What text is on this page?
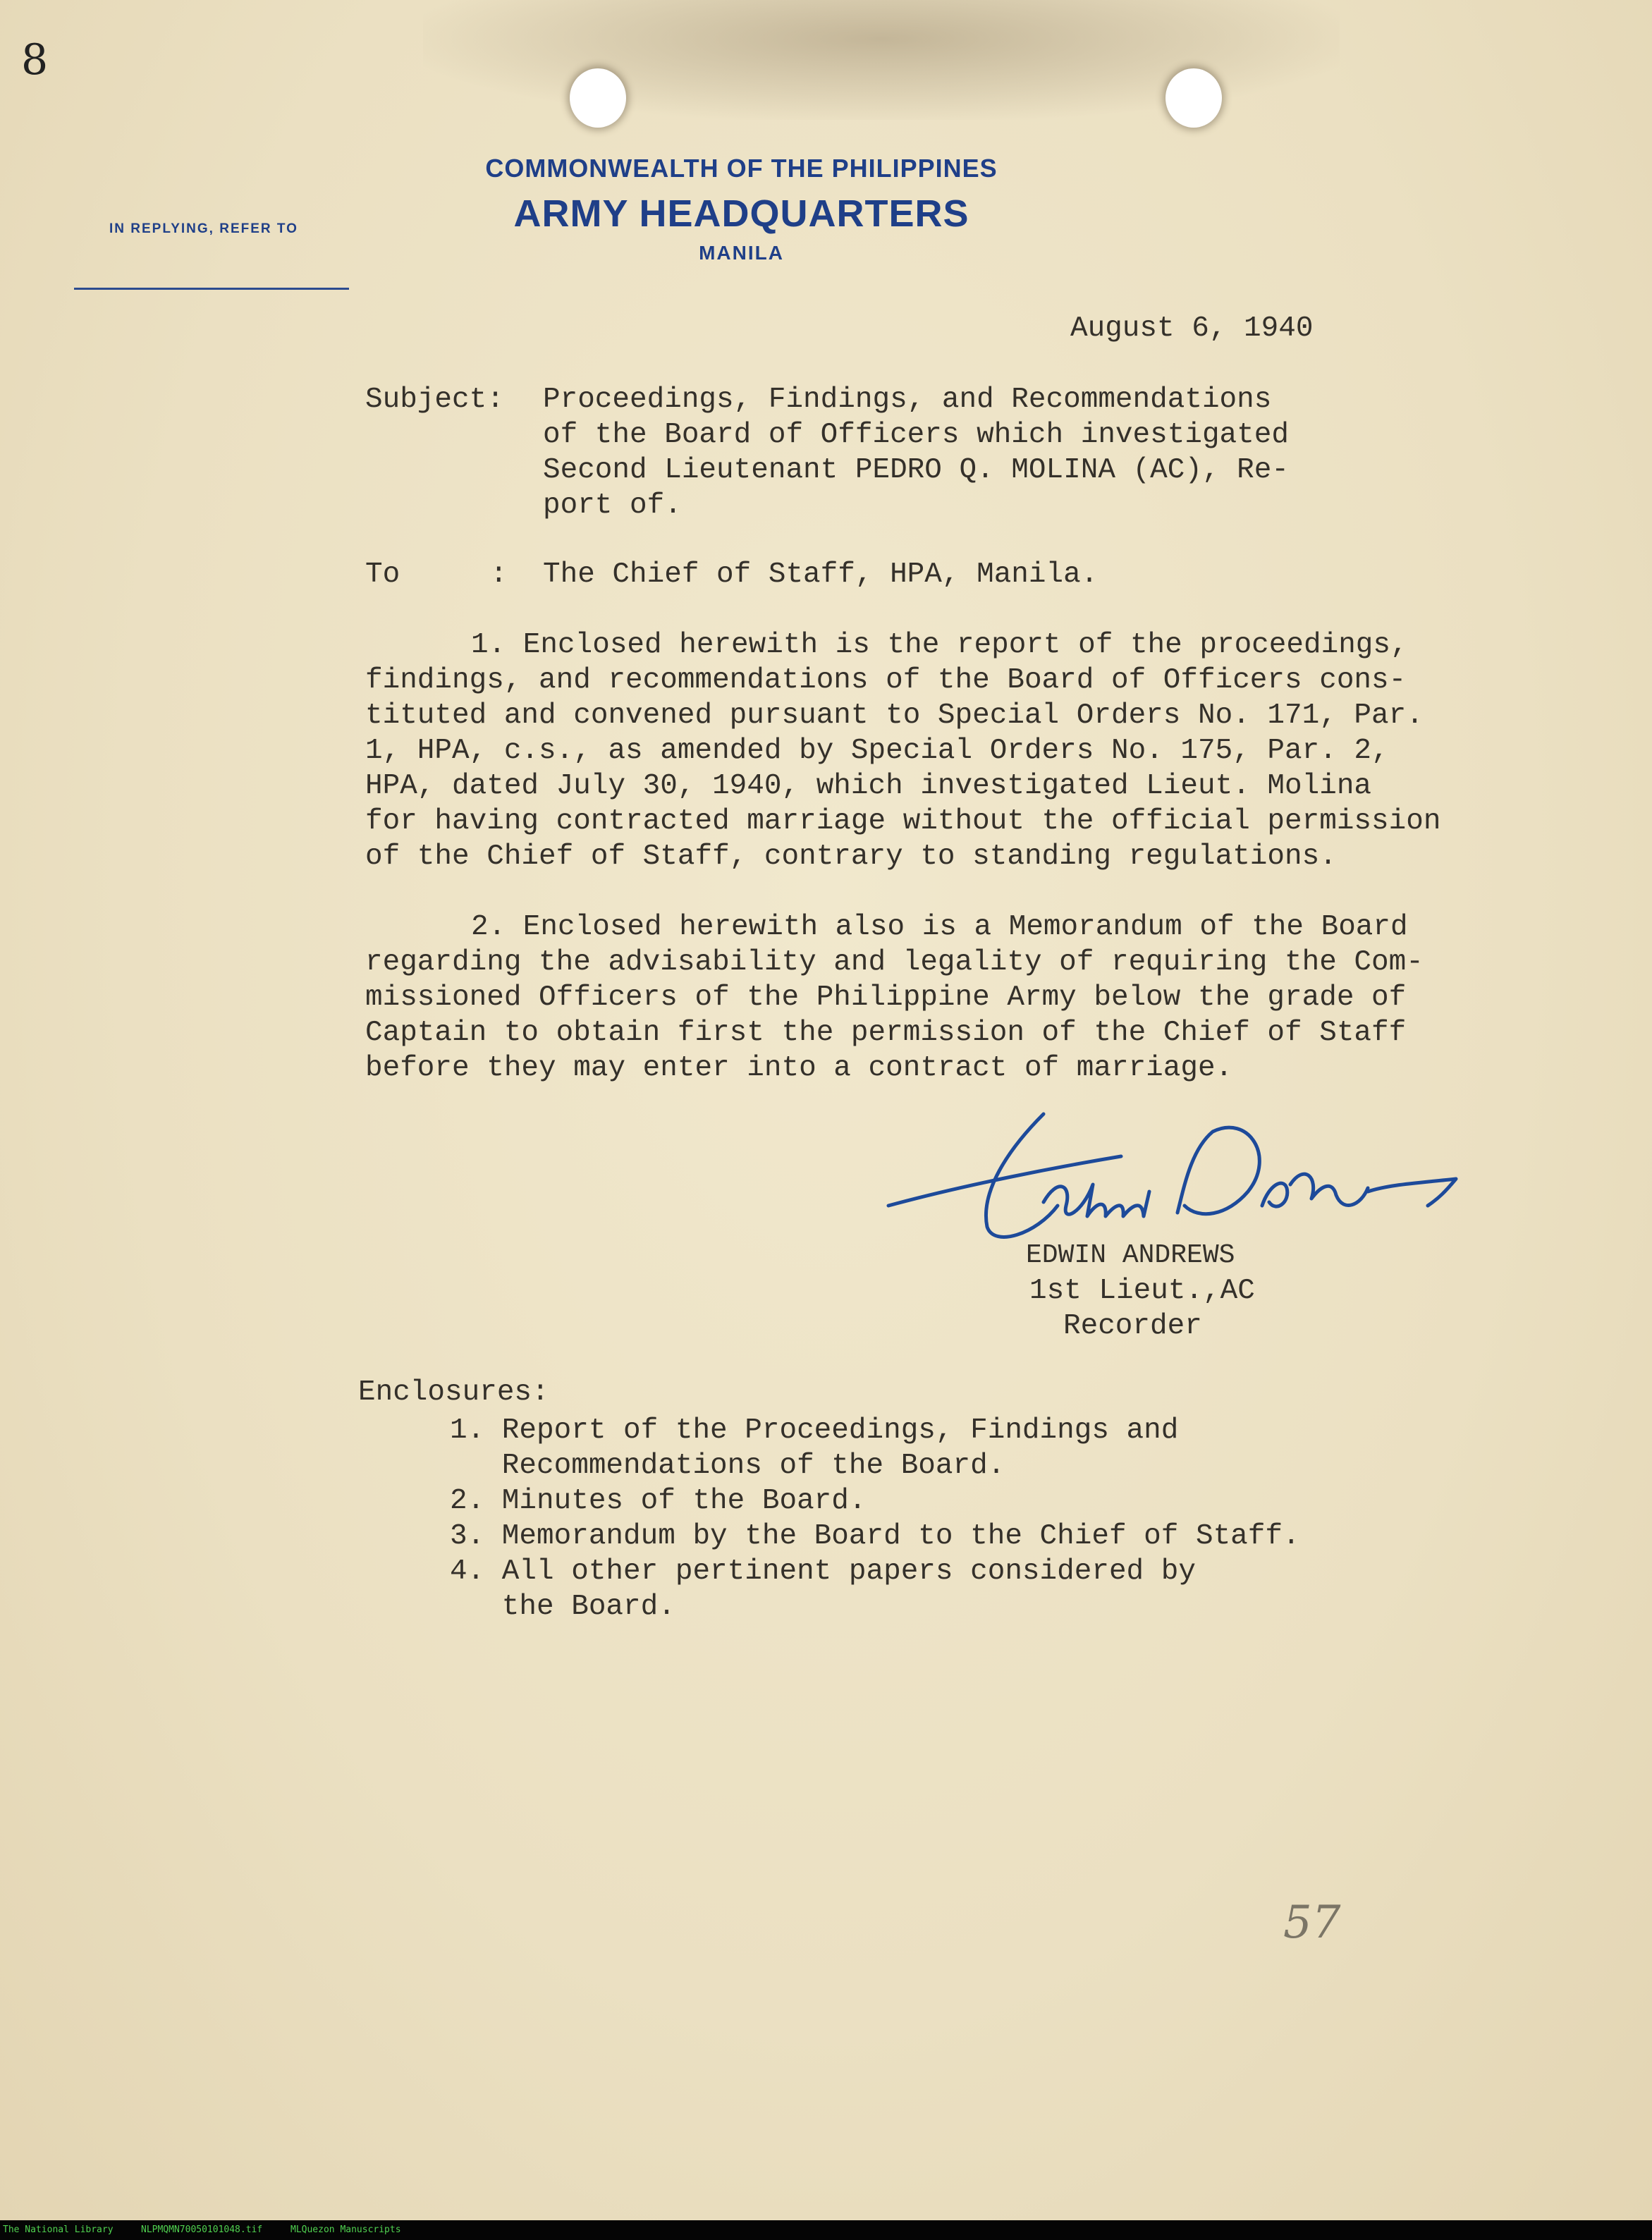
8
COMMONWEALTH OF THE PHILIPPINES
ARMY HEADQUARTERS
MANILA
IN REPLYING, REFER TO
August 6, 1940
Subject: Proceedings, Findings, and Recommendations
of the Board of Officers which investigated
Second Lieutenant PEDRO Q. MOLINA (AC), Re-
port of.
To	: The Chief of Staff, HPA, Manila.
1. Enclosed herewith is the report of the proceedings,
findings, and recommendations of the Board of Officers cons-
tituted and convened pursuant to Special Orders No. 171, Par.
1, HPA, c.s., as amended by Special Orders No. 175, Par. 2,
HPA, dated July 30, 1940, which investigated Lieut. Molina
for having contracted marriage without the official permission
of the Chief of Staff, contrary to standing regulations.
2. Enclosed herewith also is a Memorandum of the Board
regarding the advisability and legality of requiring the Com-
missioned Officers of the Philippine Army below the grade of
Captain to obtain first the permission of the Chief of Staff
before they may enter into a contract of marriage.
EDWIN ANDREWS
1st Lieut.,AC
Recorder
Enclosures:
1. Report of the Proceedings, Findings and
Recommendations of the Board.
2. Minutes of the Board.
3. Memorandum by the Board to the Chief of Staff.
4. All other pertinent papers considered by
the Board.
57
The National Library	NLPMQMN70050101048.tif	MLQuezon Manuscripts
